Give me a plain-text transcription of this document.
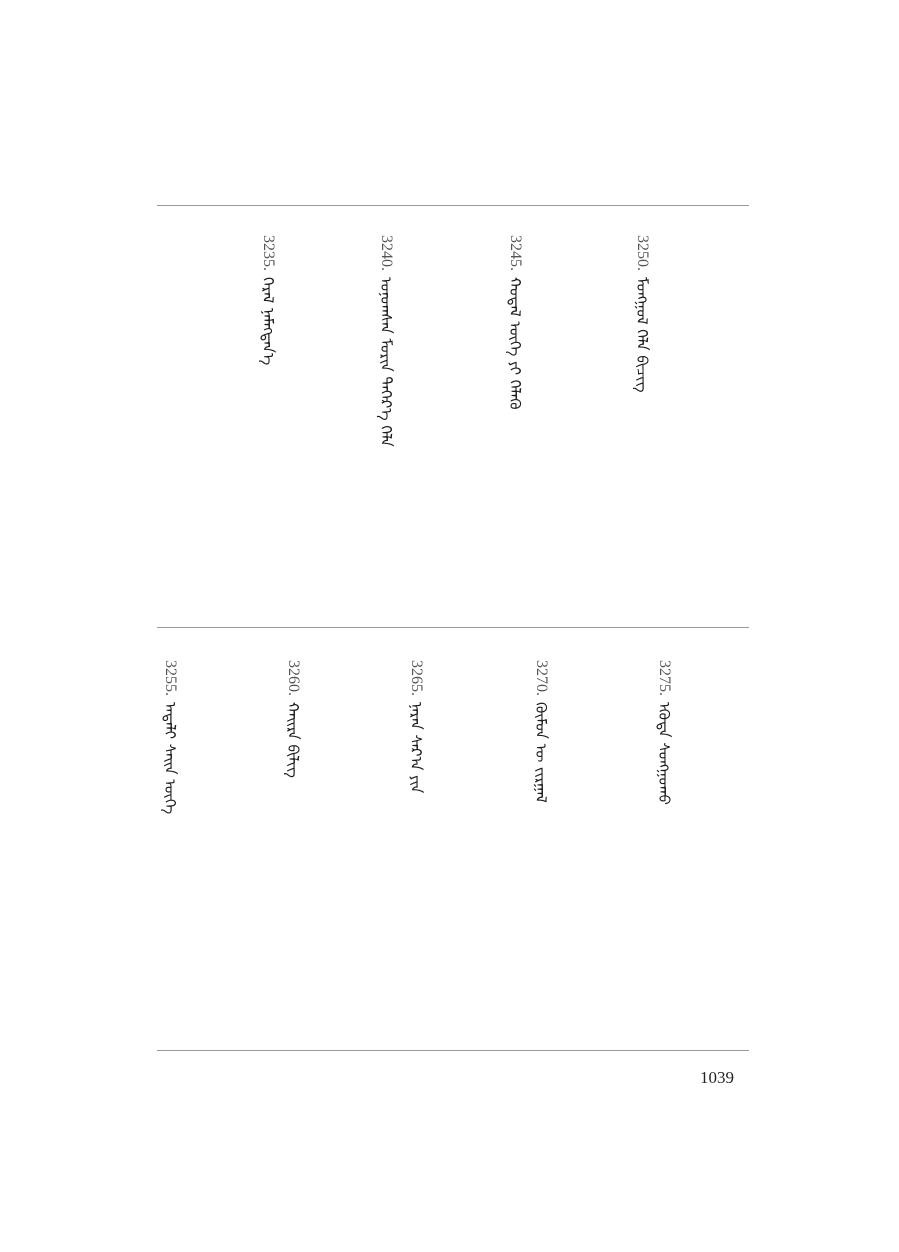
3235.ᠭᠡᠷᠡᠯ ᠨᠡᠮᠡᠭᠳᠡᠨ᠎ᠡ
3240.ᠤᠨᠤᠭᠰᠠᠨ ᠮᠣᠷᠢᠨ ᠳᠡᠭᠡᠷ᠎ᠡ ᠬᠡᠯᠡ
3245.ᠬᠤᠳᠠᠯ ᠦᠭᠡ ᠶᠢ ᠬᠡᠯᠡᠬᠦ
3250.ᠮᠣᠩᠭᠣᠯ ᠬᠡᠯᠡ ᠪᠢᠴᠢᠭ
3255.ᠠᠳᠠᠯᠢ ᠰᠠᠢᠨ ᠦᠭᠡ
3260.ᠬᠠᠢᠷᠠ ᠪᠢᠯᠢᠭ
3265.ᠨᠠᠷᠠᠨ ᠰᠠᠷ᠎ᠠ ᠶᠢᠨ
3270.ᠬᠦᠮᠦᠨ ᠦ ᠵᠢᠷᠭᠠᠯ
3275.ᠡᠭᠦᠳᠡ ᠰᠣᠩᠭᠣᠬᠤ
1039
